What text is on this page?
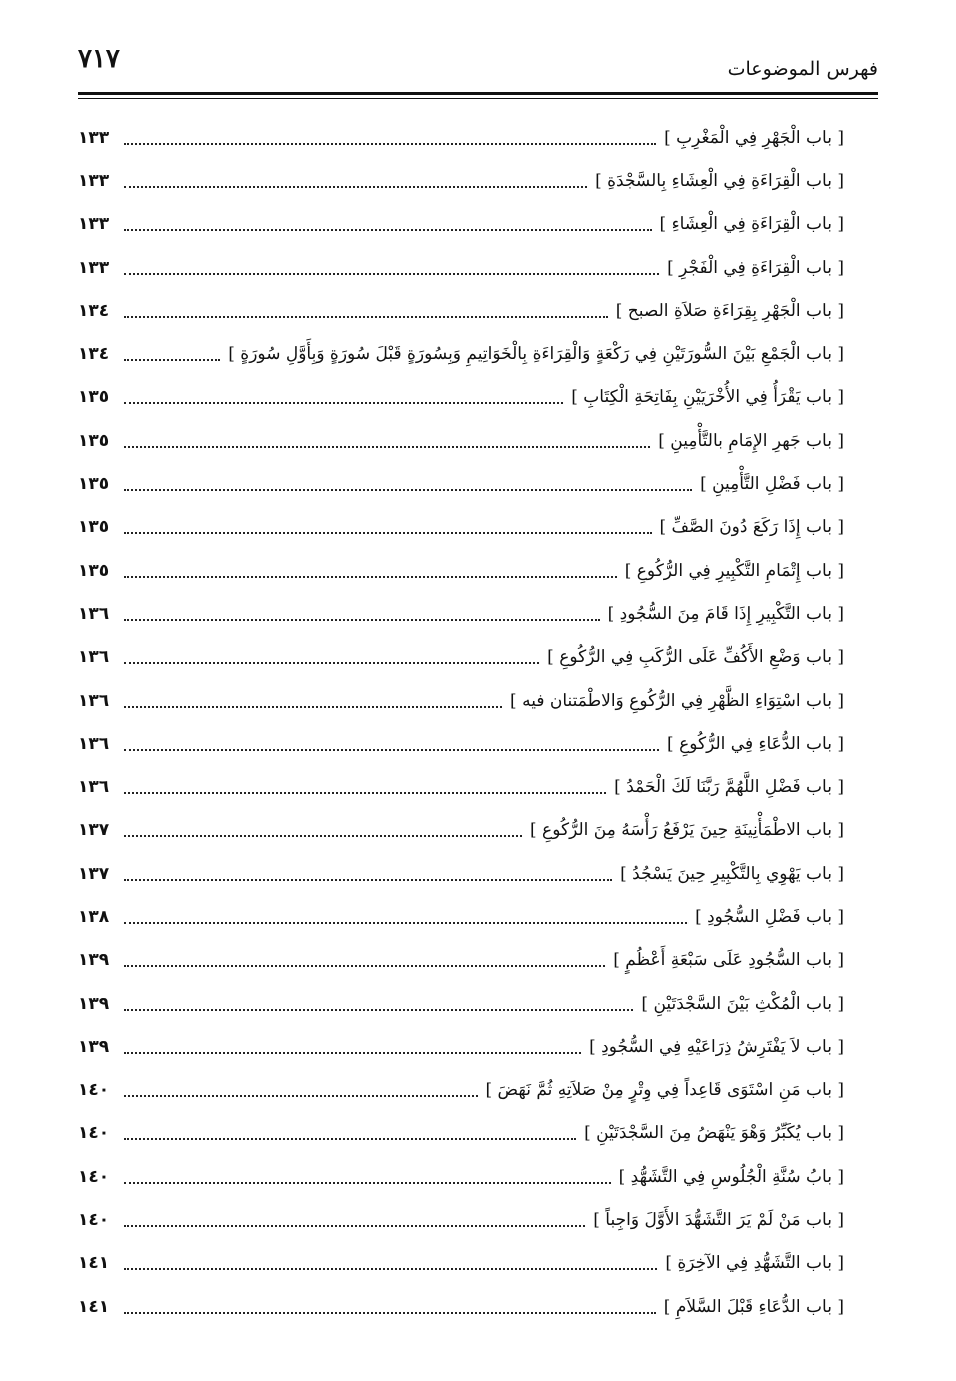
٧١٧	فهرس الموضوعات
[ باب الْجَهْرِ فِي الْمَغْرِبِ ]
١٣٣
[ باب الْقِرَاءَةِ فِي الْعِشَاءِ بِالسَّجْدَةِ ]
١٣٣
[ باب الْقِرَاءَةِ فِي الْعِشَاءِ ]
١٣٣
[ باب الْقِرَاءَةِ فِي الْفَجْرِ ]
١٣٣
[ باب الْجَهْرِ بِقِرَاءَةِ صَلاَةِ الصبح ]
١٣٤
[ باب الْجَمْعِ بَيْنَ السُّورَتَيْنِ فِي رَكْعَةٍ وَالْقِرَاءَةِ بِالْخَوَاتِيمِ وَبِسُورَةٍ قَبْلَ سُورَةٍ وَبِأَوَّلِ سُورَةٍ ]
١٣٤
[ باب يَقْرَأُ فِي الأُخْرَيَيْنِ بِفَاتِحَةِ الْكِتَابِ ]
١٣٥
[ باب جَهرِ الإِمَامِ بالتَّأْمِينِ ]
١٣٥
[ باب فَضْلِ التَّأْمِينِ ]
١٣٥
[ باب إِذَا رَكَعَ دُونَ الصَّفِّ ]
١٣٥
[ باب إِتْمَامِ التَّكْبِيرِ فِي الرُّكُوعِ ]
١٣٥
[ باب التَّكْبِيرِ إِذَا قَامَ مِنَ السُّجُودِ ]
١٣٦
[ باب وَضْعِ الأَكُفِّ عَلَى الرُّكَبِ فِي الرُّكُوعِ ]
١٣٦
[ باب اسْتِوَاءِ الظَّهْرِ فِي الرُّكُوعِ وَالاطْمَتنان فيه ]
١٣٦
[ باب الدُّعَاءِ فِي الرُّكُوعِ ]
١٣٦
[ باب فَضْلِ اللَّهُمَّ رَبَّنَا لَكَ الْحَمْدُ ]
١٣٦
[ باب الاطْمَأْنِينَةِ حِينَ يَرْفَعُ رَأْسَهُ مِنَ الرُّكُوعِ ]
١٣٧
[ باب يَهْوِي بِالتَّكْبِيرِ حِينَ يَسْجُدُ ]
١٣٧
[ باب فَضْلِ السُّجُودِ ]
١٣٨
[ باب السُّجُودِ عَلَى سَبْعَةِ أَعْظُمٍ ]
١٣٩
[ باب الْمُكْثِ بَيْنَ السَّجْدَتَيْنِ ]
١٣٩
[ باب لاَ يَفْتَرِشُ ذِرَاعَيْهِ فِي السُّجُودِ ]
١٣٩
[ باب مَنِ اسْتَوَى قَاعِداً فِي وِتْرٍ مِنْ صَلاَتِهِ ثُمَّ نَهَضَ ]
١٤٠
[ باب يُكَبِّرُ وَهْوَ يَنْهَضُ مِنَ السَّجْدَتَيْنِ ]
١٤٠
[ بابُ سُنَّةِ الْجُلُوسِ فِي التَّشَهُّدِ ]
١٤٠
[ باب مَنْ لَمْ يَرَ التَّشَهُّدَ الأَوَّلَ وَاجِباً ]
١٤٠
[ باب التَّشَهُّدِ فِي الآخِرَةِ ]
١٤١
[ باب الدُّعَاءِ قَبْلَ السَّلاَمِ ]
١٤١
